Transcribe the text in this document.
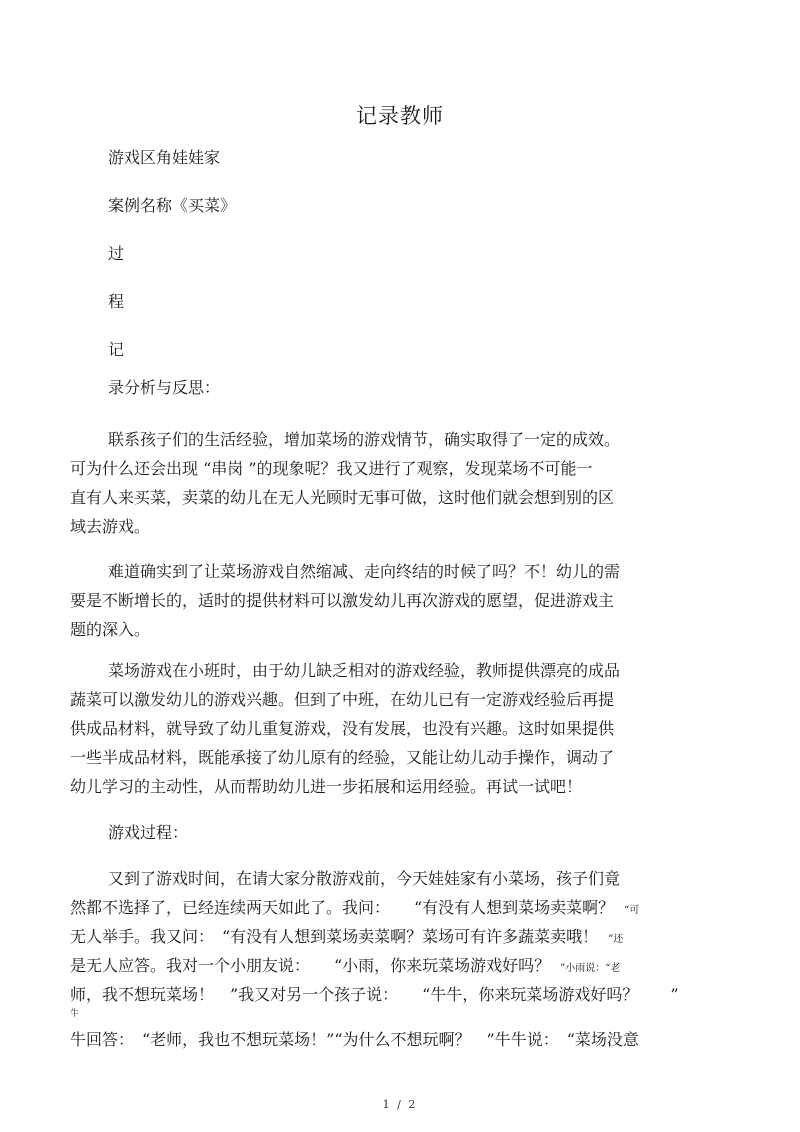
记录教师
游戏区角娃娃家
案例名称《买菜》
过
程
记
录分析与反思：
联系孩子们的生活经验，增加菜场的游戏情节，确实取得了一定的成效。
可为什么还会出现 “串岗 ”的现象呢？我又进行了观察，发现菜场不可能一
直有人来买菜，卖菜的幼儿在无人光顾时无事可做，这时他们就会想到别的区
域去游戏。
难道确实到了让菜场游戏自然缩减、走向终结的时候了吗？不！幼儿的需
要是不断增长的，适时的提供材料可以激发幼儿再次游戏的愿望，促进游戏主
题的深入。
菜场游戏在小班时，由于幼儿缺乏相对的游戏经验，教师提供漂亮的成品
蔬菜可以激发幼儿的游戏兴趣。但到了中班，在幼儿已有一定游戏经验后再提
供成品材料，就导致了幼儿重复游戏，没有发展，也没有兴趣。这时如果提供
一些半成品材料，既能承接了幼儿原有的经验，又能让幼儿动手操作，调动了
幼儿学习的主动性，从而帮助幼儿进一步拓展和运用经验。再试一试吧！
游戏过程：
又到了游戏时间，在请大家分散游戏前，今天娃娃家有小菜场，孩子们竟
然都不选择了，已经连续两天如此了。我问：　　“有没有人想到菜场卖菜啊？　“可
无人举手。我又问：　“有没有人想到菜场卖菜啊？菜场可有许多蔬菜卖哦！　”还
是无人应答。我对一个小朋友说：　　“小雨，你来玩菜场游戏好吗？　”小雨说：“老
师，我不想玩菜场！　”我又对另一个孩子说：　　“牛牛，你来玩菜场游戏好吗？　　”
牛
牛回答：　“老师，我也不想玩菜场！”“为什么不想玩啊？　”牛牛说：　“菜场没意
1 / 2
